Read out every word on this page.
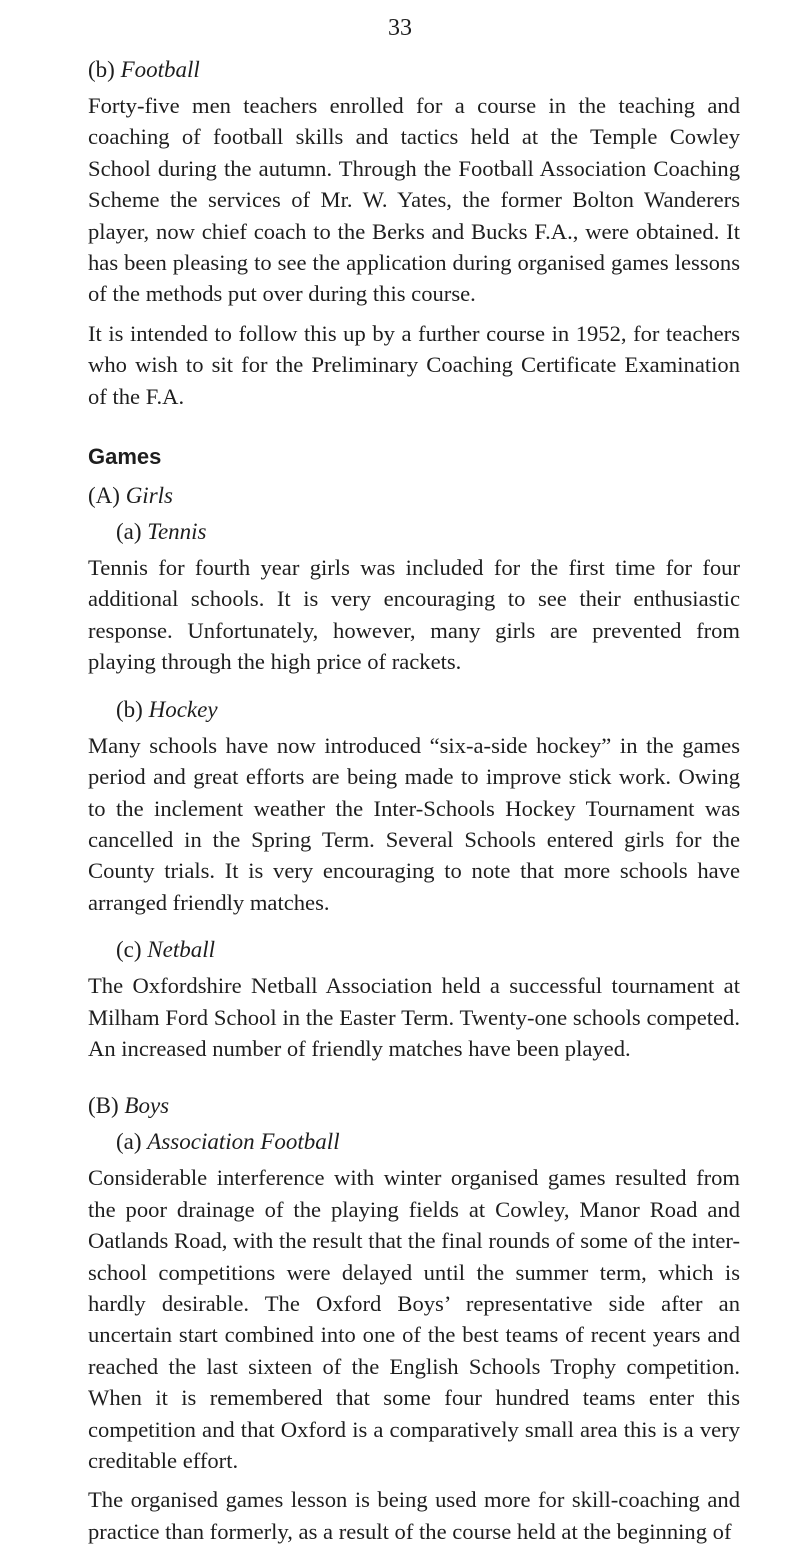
33
(b) Football

Forty-five men teachers enrolled for a course in the teaching and coaching of football skills and tactics held at the Temple Cowley School during the autumn. Through the Football Association Coaching Scheme the services of Mr. W. Yates, the former Bolton Wanderers player, now chief coach to the Berks and Bucks F.A., were obtained. It has been pleasing to see the application during organised games lessons of the methods put over during this course.

It is intended to follow this up by a further course in 1952, for teachers who wish to sit for the Preliminary Coaching Certificate Examination of the F.A.

Games
(A) Girls
(a) Tennis

Tennis for fourth year girls was included for the first time for four additional schools. It is very encouraging to see their enthusiastic response. Unfortunately, however, many girls are prevented from playing through the high price of rackets.

(b) Hockey

Many schools have now introduced “six-a-side hockey” in the games period and great efforts are being made to improve stick work. Owing to the inclement weather the Inter-Schools Hockey Tournament was cancelled in the Spring Term. Several Schools entered girls for the County trials. It is very encouraging to note that more schools have arranged friendly matches.

(c) Netball

The Oxfordshire Netball Association held a successful tournament at Milham Ford School in the Easter Term. Twenty-one schools competed. An increased number of friendly matches have been played.

(B) Boys
(a) Association Football

Considerable interference with winter organised games resulted from the poor drainage of the playing fields at Cowley, Manor Road and Oatlands Road, with the result that the final rounds of some of the inter-school competitions were delayed until the summer term, which is hardly desirable. The Oxford Boys’ representative side after an uncertain start combined into one of the best teams of recent years and reached the last sixteen of the English Schools Trophy competition. When it is remembered that some four hundred teams enter this competition and that Oxford is a comparatively small area this is a very creditable effort.

The organised games lesson is being used more for skill-coaching and practice than formerly, as a result of the course held at the beginning of
